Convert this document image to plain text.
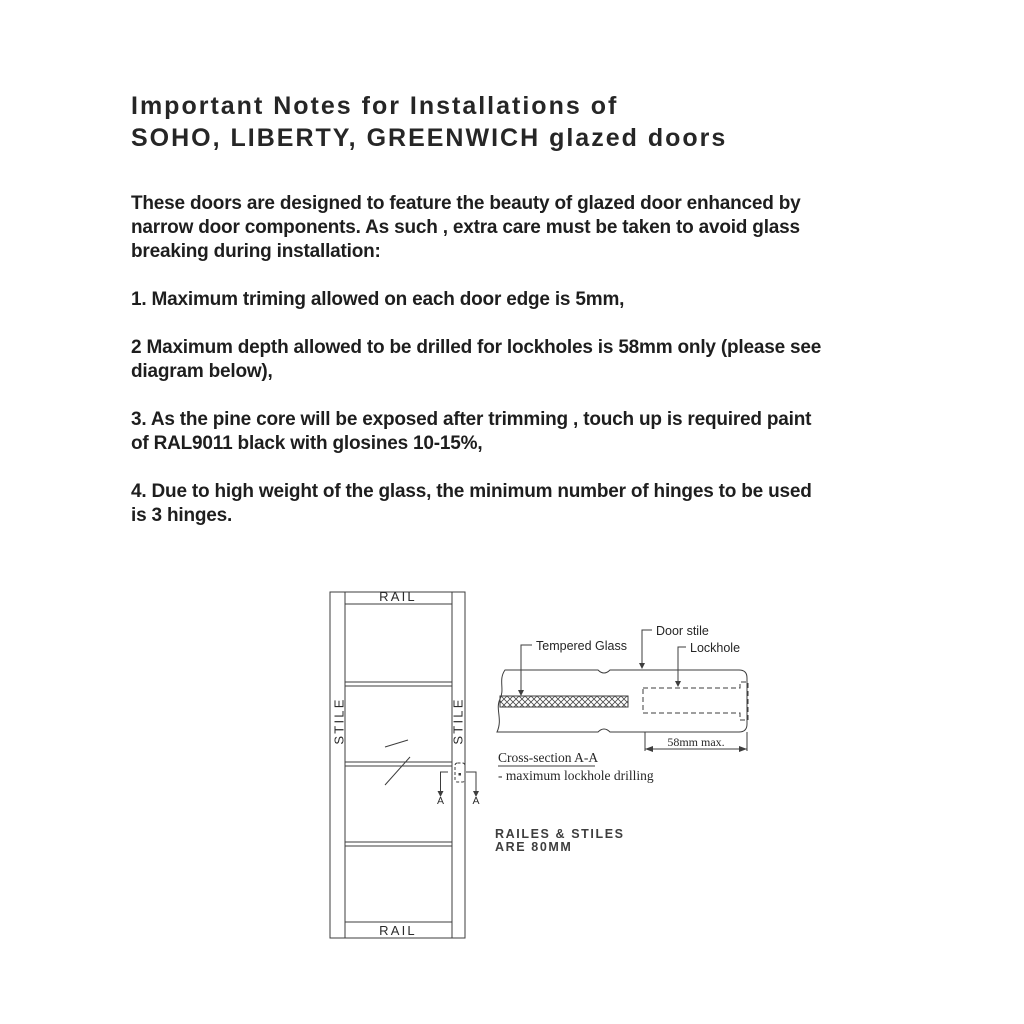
Important Notes for Installations of
SOHO, LIBERTY, GREENWICH glazed doors
These doors are designed to feature the beauty of glazed door enhanced by
narrow door components. As such , extra care must be taken to avoid glass
breaking during installation:
1. Maximum triming allowed on each door edge is 5mm,
2 Maximum depth allowed to be drilled for lockholes is 58mm only (please see
diagram below),
3. As the pine core will be exposed after trimming , touch up is required paint
of RAL9011 black with glosines 10-15%,
4. Due to high weight of the glass, the minimum number of hinges to be used
is 3 hinges.
RAIL
RAIL
STILE	STILE
A	A
58mm max.
Tempered Glass
Door stile
Lockhole
Cross-section A-A
- maximum lockhole drilling
RAILES & STILES
ARE 80MM
